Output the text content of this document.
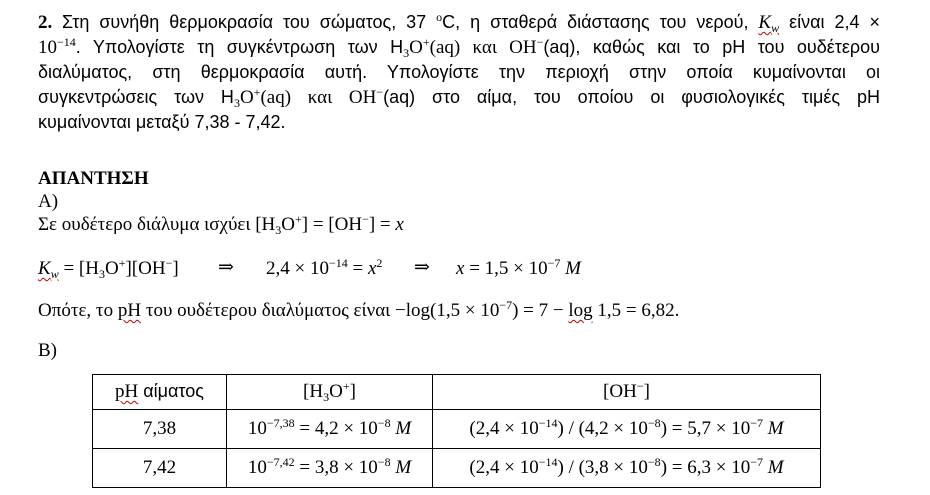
2. Στη συνήθη θερμοκρασία του σώματος, 37 $^o$C, η σταθερά διάστασης του νερού, $K_w$ είναι 2,4 ×
$10^{-14}$. Υπολογίστε τη συγκέντρωση των $H_3O^+(aq)$ και OH−(aq), καθώς και το pH του ουδέτερου
διαλύματος, στη θερμοκρασία αυτή. Υπολογίστε την περιοχή στην οποία κυμαίνονται οι
συγκεντρώσεις των $H_3O^+(aq)$ και OH−(aq) στο αίμα, του οποίου οι φυσιολογικές τιμές pH
κυμαίνονται μεταξύ 7,38 - 7,42.
ΑΠΑΝΤΗΣΗ
Α)
Σε ουδέτερο διάλυμα ισχύει $[H_3O^+] = [OH^-] = x$
$K_w = [H_3O^+][OH^-]$ ⇒ $2,4 \times 10^{-14} = x^2$ ⇒ $x = 1,5 \times 10^{-7}$ M
Οπότε, το pH του ουδέτερου διαλύματος $\varepsilon ί\nu\alpha\iota -\log(1,5 \times 10^{-7}) = 7 - \log 1,5 = 6,82$.
Β)
pH αίματος	$[H_3O^+]$	[OH−]
7,38	$10^{-7,38} = 4,2 \times 10^{-8}$ M	$(2,4 \times 10^{-14}) / (4,2 \times 10^{-8}) = 5,7 \times 10^{-7}$ M
7,42	$10^{-7,42} = 3,8 \times 10^{-8}$ M	$(2,4 \times 10^{-14}) / (3,8 \times 10^{-8}) = 6,3 \times 10^{-7}$ M
